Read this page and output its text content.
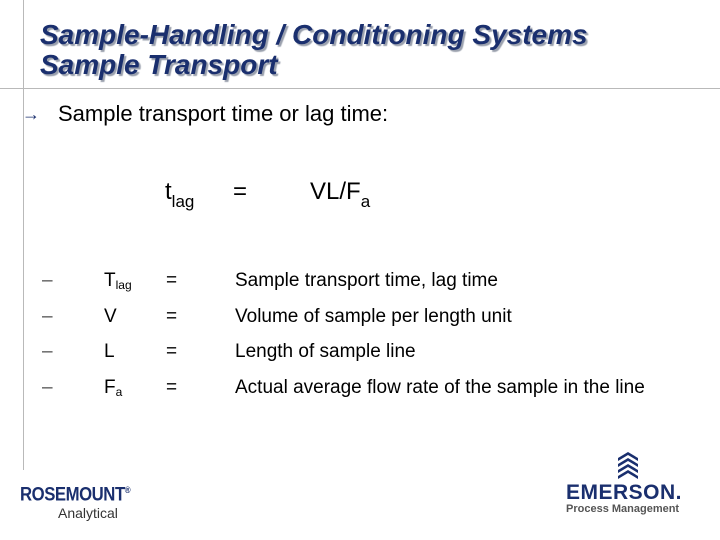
Sample-Handling / Conditioning Systems
Sample Transport
→ Sample transport time or lag time:
$t_{lag}$ =	$VL/F_a$
–	$T_{lag}$	=	Sample transport time, lag time
–	V	=	Volume of sample per length unit
–	L	=	Length of sample line
–	$F_a$	=	Actual average flow rate of the sample in the line
ROSEMOUNT®
Analytical
EMERSON.
Process Management
